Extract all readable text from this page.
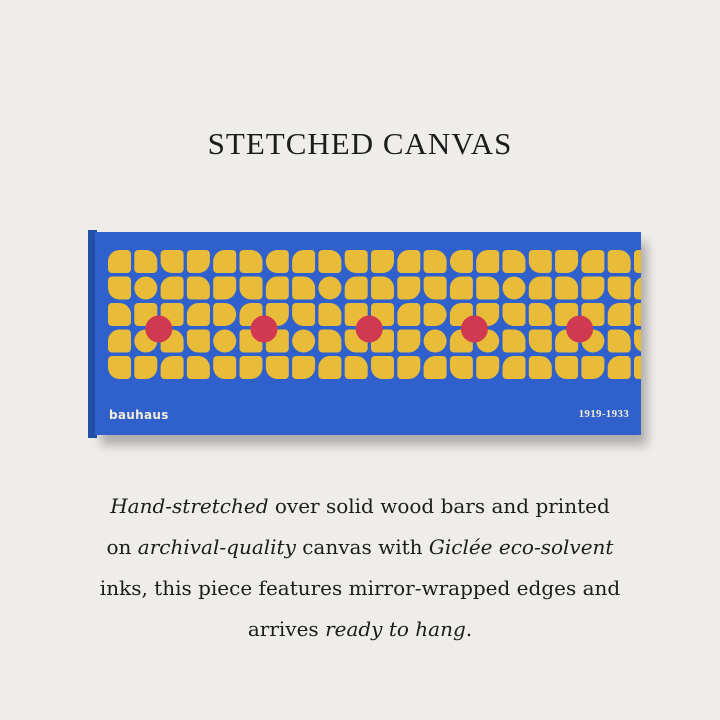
STETCHED CANVAS
bauhaus	1919-1933
Hand-stretched over solid wood bars and printed
on archival-quality canvas with Giclée eco-solvent
inks, this piece features mirror-wrapped edges and
arrives ready to hang.
